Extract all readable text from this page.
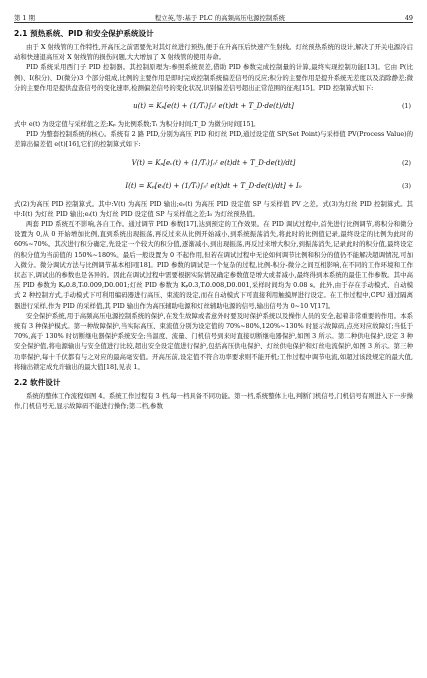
第 1 期	程立英,等:基于 PLC 的高频高压电源控制系统	49
2.1 预热系统、PID 和安全保护系统设计

由于 X 射线管的工作特性,开高压之前需要先对其灯丝进行预热,便于在升高压后快速产生射线。灯丝预热系统的设计,解决了开关电源冷启动和快速退高压对 X 射线管的损伤问题,大大增加了 X 射线管的使用寿命。

PID 系统采用西门子 PID 控制器。其控制原理为:参照系统误差,借助 PID 参数完成控制量的计算,最终实现控制功能[13]。它由 P(比例)、I(积分)、D(微分)3 个部分组成,比例的主要作用是即时完成控制系统偏差信号的反应;积分的主要作用是提升系统无差度以及消除静差;微分的主要作用是提供盘查信号的变化速率,检测偏差信号的变化状况,识别偏差信号超出正常范围的征兆[15]。PID 控制算式如下:

u(t) = Kₚ[e(t) + (1/Tᵢ)∫₀ᵗ e(t)dt + T_D·de(t)/dt]	(1)

式中 e(t) 为设定值与采样值之差;Kₚ 为比例系数;Tᵢ 为积分时间;T_D 为微分时间[15]。

PID 为整套控制系统的核心。系统有 2 路 PID,分别为高压 PID 和灯丝 PID,通过设定值 SP(Set Point)与采样值 PV(Process Value)的差算出偏差值 e(t)[16],它们的控制算式如下:

V(t) = Kₚ[eᵥ(t) + (1/Tᵢ)∫₀ᵗ e(t)dt + T_D·de(t)/dt]	(2)
I(t) = Kₚ[eᵢ(t) + (1/Tᵢ)∫₀ᵗ e(t)dt + T_D·de(t)/dt] + I₀	(3)

式(2)为高压 PID 控制算式。其中:V(t) 为高压 PID 输出;eᵥ(t) 为高压 PID 设定值 SP 与采样值 PV 之差。式(3)为灯丝 PID 控制算式。其中:I(t) 为灯丝 PID 输出;eᵢ(t) 为灯丝 PID 设定值 SP 与采样值之差;I₀ 为灯丝预热值。

两套 PID 系统互不影响,各自工作。通过调节 PID 参数[17],达到预定的工作效果。在 PID 调试过程中,首先进行比例调节,将积分和微分设置为 0,从 0 开始增加比例,直到系统出现振荡,再反过来从比例开始减小,到系统振荡消失,将此时的比例值记录,最终设定的比例为此时的 60%~70%。其次进行积分确定,先设定一个较大的积分值,逐渐减小,到出现振荡,再反过来增大积分,到振荡消失,记录此时的积分值,最终设定的积分值为当前值的 150%~180%。最后一般设置为 0 不起作用,但若在调试过程中无论如何调节比例和积分的值仍不能解决超调情况,可加入微分。微分调试方法与比例调节基本相同[18]。PID 参数的调试是一个复杂的过程,比例-积分-微分之间互相影响,在不同的工作环境和工作状态下,调试出的参数也是各异的。因此在调试过程中需要根据实际情况确定参数值是增大或者减小,最终得到本系统的最佳工作参数。其中高压 PID 参数为 Kₚ0.8,Tᵢ0.009,D0.001;灯丝 PID 参数为 Kₚ0.3,Tᵢ0.008,D0.001,采样时间均为 0.08 s。此外,由于存在手动模式、自动模式 2 种控制方式,手动模式下可利用编码器进行高压、束流的设定,而在自动模式下可直接利用触摸屏进行设定。在工作过程中,CPU 通过隔离器进行采样,作为 PID 的采样值,其 PID 输出作为高压辅助电源和灯丝辅助电源的信号,输出信号为 0~10 V[17]。

安全保护系统,用于高频高压电源控制系统的保护,在发生故障或者意外时要及时保护系统以及操作人员的安全,起着非常重要的作用。本系统有 3 种保护模式。第一种故障保护,当实际高压、束流值分别为设定值的 70%~80%,120%~130% 时显示故障码,点亮对应故障灯;当低于 70%,高于 130% 时切断继电器保护系统安全;当温度、流量、门机信号到来时直接切断继电器保护,如图 3 所示。第二种供电保护,设定 3 种安全保护值,将电源输出与安全值进行比较,超出安全设定值进行保护,包括高压供电保护、灯丝供电保护和灯丝电流保护,如图 3 所示。第三种功率保护,每十千伏都有与之对应的最高毫安值。开高压前,设定值不符合功率要求则不能开机;工作过程中调节电流,如超过该段规定的最大值,将输出锁定成允许输出的最大值[18],见表 1。

2.2 软件设计

系统的整体工作流程如图 4。系统工作过程有 3 档,每一档具备不同功能。第一档,系统整体上电,判断门机信号,门机信号有则进入下一步操作,门机信号无,显示故障码不能进行操作;第二档,参数
